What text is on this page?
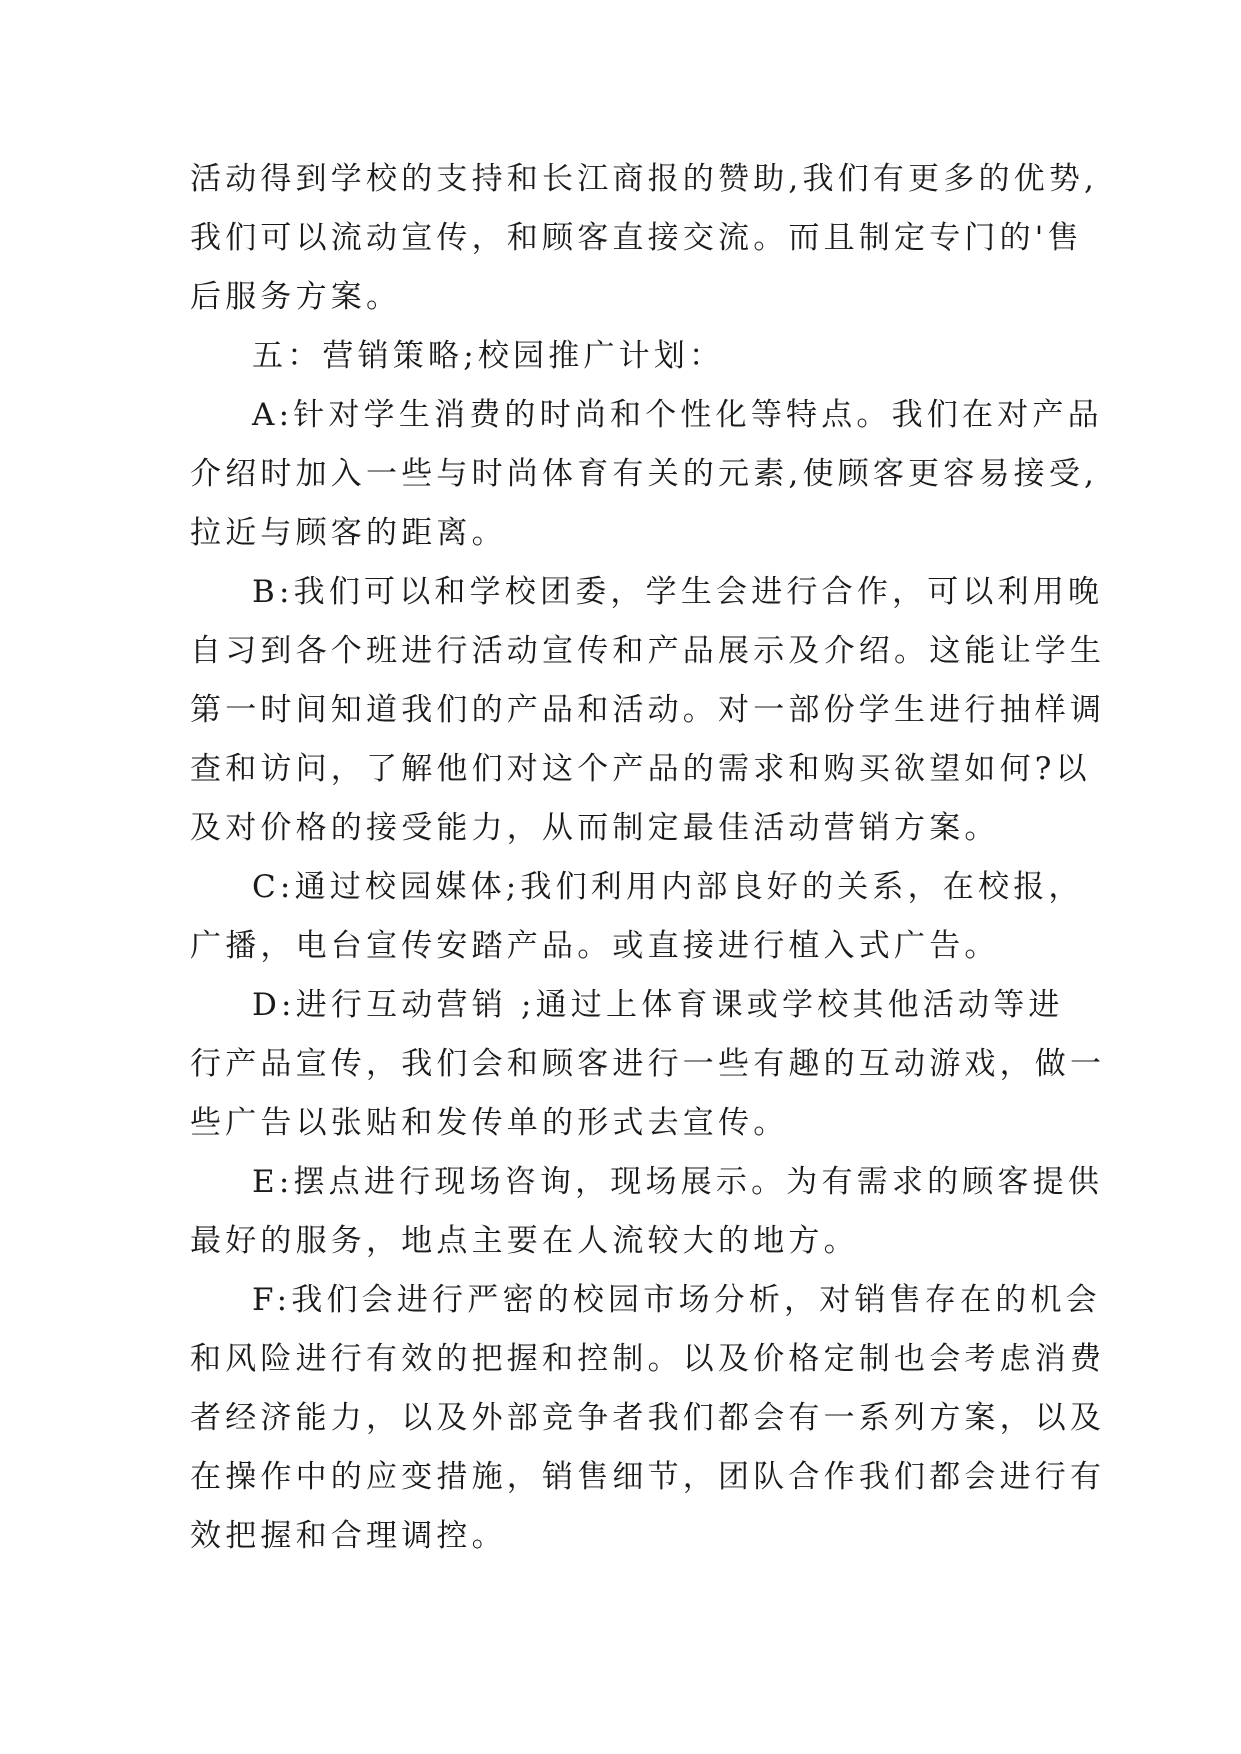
活动得到学校的支持和长江商报的赞助,我们有更多的优势,
我们可以流动宣传，和顾客直接交流。而且制定专门的'售
后服务方案。
五：营销策略;校园推广计划：
A:针对学生消费的时尚和个性化等特点。我们在对产品
介绍时加入一些与时尚体育有关的元素,使顾客更容易接受,
拉近与顾客的距离。
B:我们可以和学校团委，学生会进行合作，可以利用晚
自习到各个班进行活动宣传和产品展示及介绍。这能让学生
第一时间知道我们的产品和活动。对一部份学生进行抽样调
查和访问，了解他们对这个产品的需求和购买欲望如何?以
及对价格的接受能力，从而制定最佳活动营销方案。
C:通过校园媒体;我们利用内部良好的关系，在校报，
广播，电台宣传安踏产品。或直接进行植入式广告。
D:进行互动营销 ;通过上体育课或学校其他活动等进
行产品宣传，我们会和顾客进行一些有趣的互动游戏，做一
些广告以张贴和发传单的形式去宣传。
E:摆点进行现场咨询，现场展示。为有需求的顾客提供
最好的服务，地点主要在人流较大的地方。
F:我们会进行严密的校园市场分析，对销售存在的机会
和风险进行有效的把握和控制。以及价格定制也会考虑消费
者经济能力，以及外部竞争者我们都会有一系列方案，以及
在操作中的应变措施，销售细节，团队合作我们都会进行有
效把握和合理调控。
